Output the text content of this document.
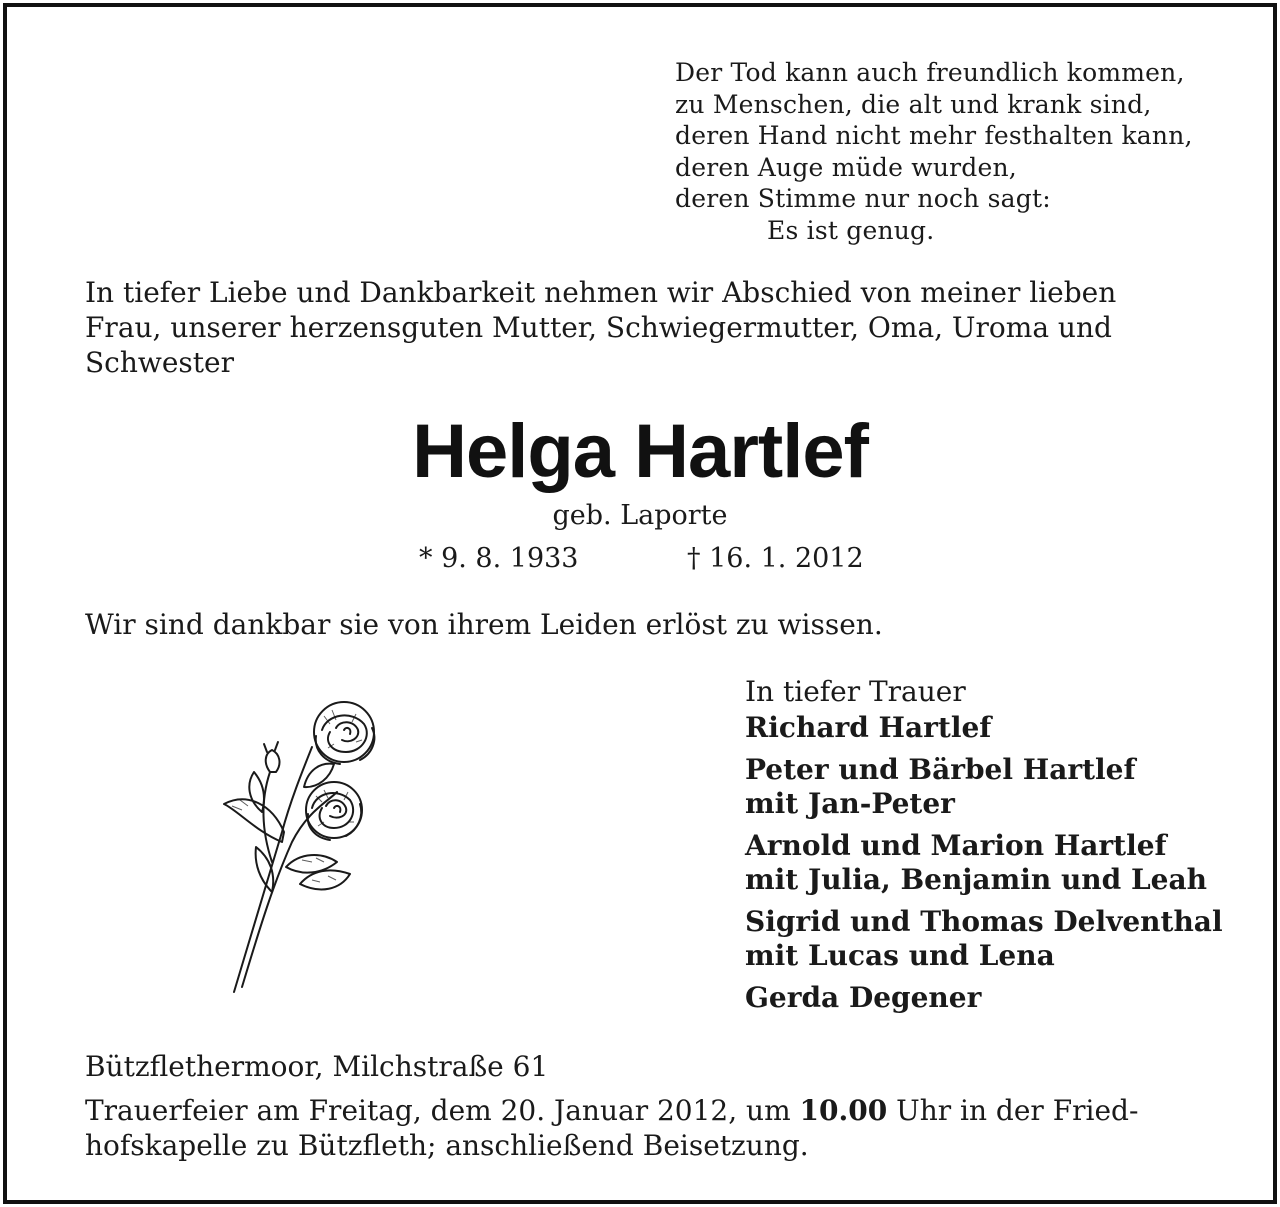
Der Tod kann auch freundlich kommen,
zu Menschen, die alt und krank sind,
deren Hand nicht mehr festhalten kann,
deren Auge müde wurden,
deren Stimme nur noch sagt:
Es ist genug.
In tiefer Liebe und Dankbarkeit nehmen wir Abschied von meiner lieben
Frau, unserer herzensguten Mutter, Schwiegermutter, Oma, Uroma und
Schwester
Helga Hartlef
geb. Laporte
* 9. 8. 1933	† 16. 1. 2012
Wir sind dankbar sie von ihrem Leiden erlöst zu wissen.
In tiefer Trauer
Richard Hartlef
Peter und Bärbel Hartlef
mit Jan-Peter
Arnold und Marion Hartlef
mit Julia, Benjamin und Leah
Sigrid und Thomas Delventhal
mit Lucas und Lena
Gerda Degener
Bützflethermoor, Milchstraße 61
Trauerfeier am Freitag, dem 20. Januar 2012, um 10.00 Uhr in der Fried-
hofskapelle zu Bützfleth; anschließend Beisetzung.
